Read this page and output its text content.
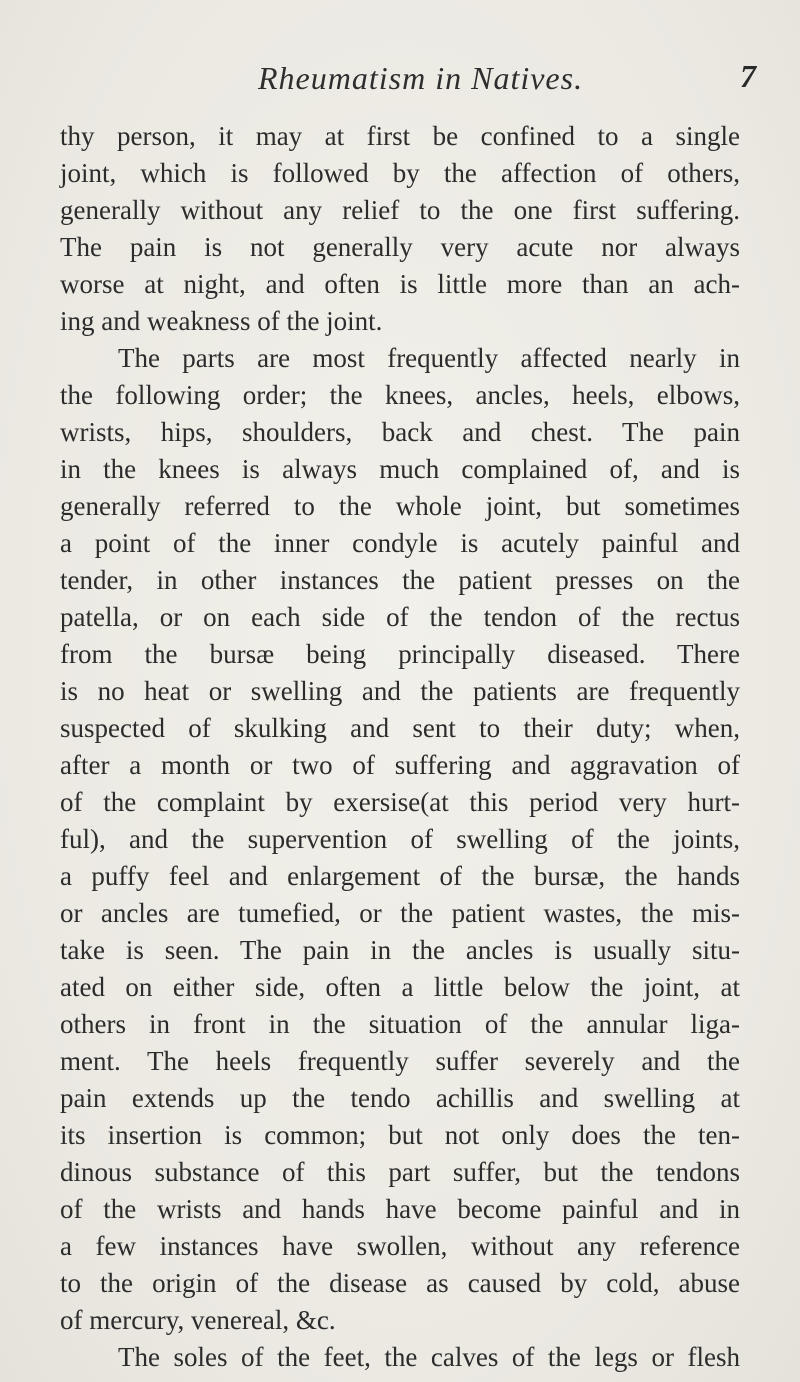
Rheumatism in Natives.	7
thy person, it may at first be confined to a single
joint, which is followed by the affection of others,
generally without any relief to the one first suffering.
The pain is not generally very acute nor always
worse at night, and often is little more than an ach-
ing and weakness of the joint.
The parts are most frequently affected nearly in
the following order; the knees, ancles, heels, elbows,
wrists, hips, shoulders, back and chest. The pain
in the knees is always much complained of, and is
generally referred to the whole joint, but sometimes
a point of the inner condyle is acutely painful and
tender, in other instances the patient presses on the
patella, or on each side of the tendon of the rectus
from the bursæ being principally diseased. There
is no heat or swelling and the patients are frequently
suspected of skulking and sent to their duty; when,
after a month or two of suffering and aggravation of
of the complaint by exersise(at this period very hurt-
ful), and the supervention of swelling of the joints,
a puffy feel and enlargement of the bursæ, the hands
or ancles are tumefied, or the patient wastes, the mis-
take is seen. The pain in the ancles is usually situ-
ated on either side, often a little below the joint, at
others in front in the situation of the annular liga-
ment. The heels frequently suffer severely and the
pain extends up the tendo achillis and swelling at
its insertion is common; but not only does the ten-
dinous substance of this part suffer, but the tendons
of the wrists and hands have become painful and in
a few instances have swollen, without any reference
to the origin of the disease as caused by cold, abuse
of mercury, venereal, &c.
The soles of the feet, the calves of the legs or flesh
